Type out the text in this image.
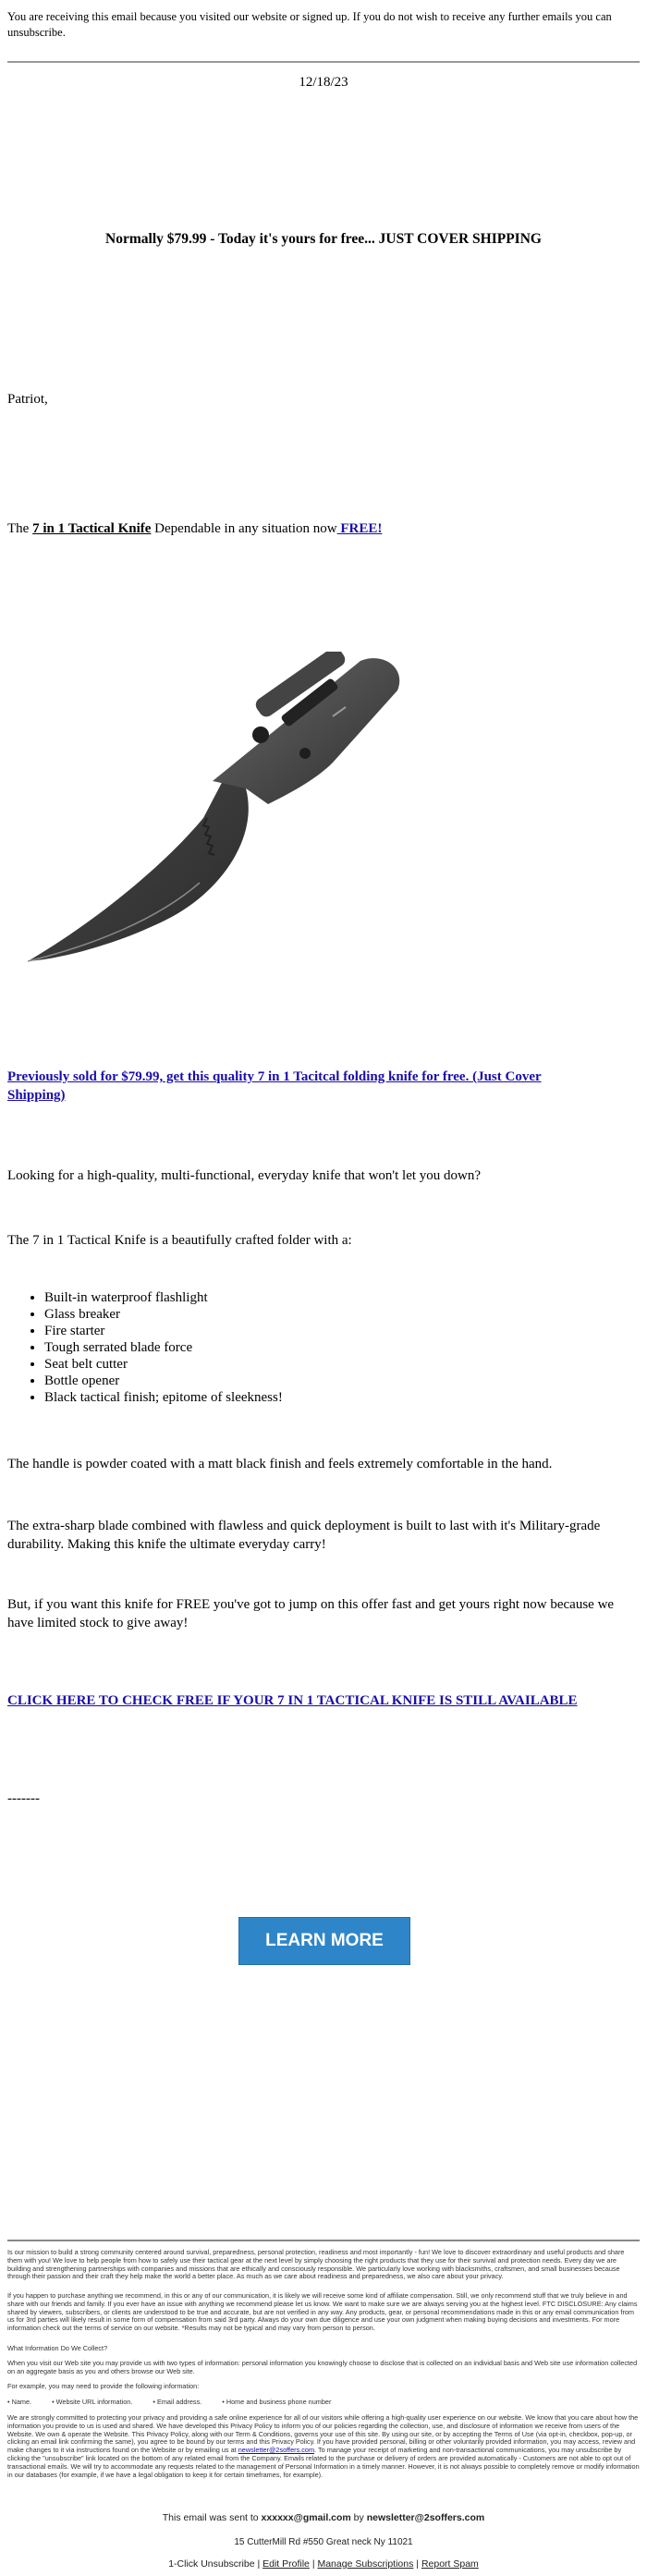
You are receiving this email because you visited our website or signed up. If you do not wish to receive any further emails you can unsubscribe.
12/18/23
Normally $79.99 - Today it's yours for free... JUST COVER SHIPPING
Patriot,
The 7 in 1 Tactical Knife Dependable in any situation now FREE!
Previously sold for $79.99, get this quality 7 in 1 Tacitcal folding knife for free. (Just Cover Shipping)
Looking for a high-quality, multi-functional, everyday knife that won't let you down?
The 7 in 1 Tactical Knife is a beautifully crafted folder with a:
• Built-in waterproof flashlight
• Glass breaker
• Fire starter
• Tough serrated blade force
• Seat belt cutter
• Bottle opener
• Black tactical finish; epitome of sleekness!
The handle is powder coated with a matt black finish and feels extremely comfortable in the hand.
The extra-sharp blade combined with flawless and quick deployment is built to last with it's Military-grade durability. Making this knife the ultimate everyday carry!
But, if you want this knife for FREE you've got to jump on this offer fast and get yours right now because we have limited stock to give away!
CLICK HERE TO CHECK FREE IF YOUR 7 IN 1 TACTICAL KNIFE IS STILL AVAILABLE
-------
LEARN MORE
Is our mission to build a strong community centered around survival, preparedness, personal protection, readiness and most importantly - fun! We love to discover extraordinary and useful products and share them with you! We love to help people from how to safely use their tactical gear at the next level by simply choosing the right products that they use for their survival and protection needs. Every day we are building and strengthening partnerships with companies and missions that are ethically and consciously responsible. We particularly love working with blacksmiths, craftsmen, and small businesses because through their passion and their craft they help make the world a better place. As much as we care about readiness and preparedness, we also care about your privacy.
If you happen to purchase anything we recommend, in this or any of our communication, it is likely we will receive some kind of affiliate compensation. Still, we only recommend stuff that we truly believe in and share with our friends and family. If you ever have an issue with anything we recommend please let us know. We want to make sure we are always serving you at the highest level. FTC DISCLOSURE: Any claims shared by viewers, subscribers, or clients are understood to be true and accurate, but are not verified in any way. Any products, gear, or personal recommendations made in this or any email communication from us for 3rd parties will likely result in some form of compensation from said 3rd party. Always do your own due diligence and use your own judgment when making buying decisions and investments. For more information check out the terms of service on our website. *Results may not be typical and may vary from person to person.
What Information Do We Collect?
When you visit our Web site you may provide us with two types of information: personal information you knowingly choose to disclose that is collected on an individual basis and Web site use information collected on an aggregate basis as you and others browse our Web site.
For example, you may need to provide the following information:
• Name.	• Website URL information.	• Email address.	• Home and business phone number
We are strongly committed to protecting your privacy and providing a safe online experience for all of our visitors while offering a high-quality user experience on our website. We know that you care about how the information you provide to us is used and shared. We have developed this Privacy Policy to inform you of our policies regarding the collection, use, and disclosure of information we receive from users of the Website. We own & operate the Website. This Privacy Policy, along with our Term & Conditions, governs your use of this site. By using our site, or by accepting the Terms of Use (via opt-in, checkbox, pop-up, or clicking an email link confirming the same), you agree to be bound by our terms and this Privacy Policy. If you have provided personal, billing or other voluntarily provided information, you may access, review and make changes to it via instructions found on the Website or by emailing us at newsletter@2soffers.com. To manage your receipt of marketing and non-transactional communications, you may unsubscribe by clicking the "unsubscribe" link located on the bottom of any related email from the Company. Emails related to the purchase or delivery of orders are provided automatically - Customers are not able to opt out of transactional emails. We will try to accommodate any requests related to the management of Personal Information in a timely manner. However, it is not always possible to completely remove or modify information in our databases (for example, if we have a legal obligation to keep it for certain timeframes, for example).
This email was sent to xxxxxx@gmail.com by newsletter@2soffers.com
15 CutterMill Rd #550 Great neck Ny 11021
1-Click Unsubscribe | Edit Profile | Manage Subscriptions | Report Spam
